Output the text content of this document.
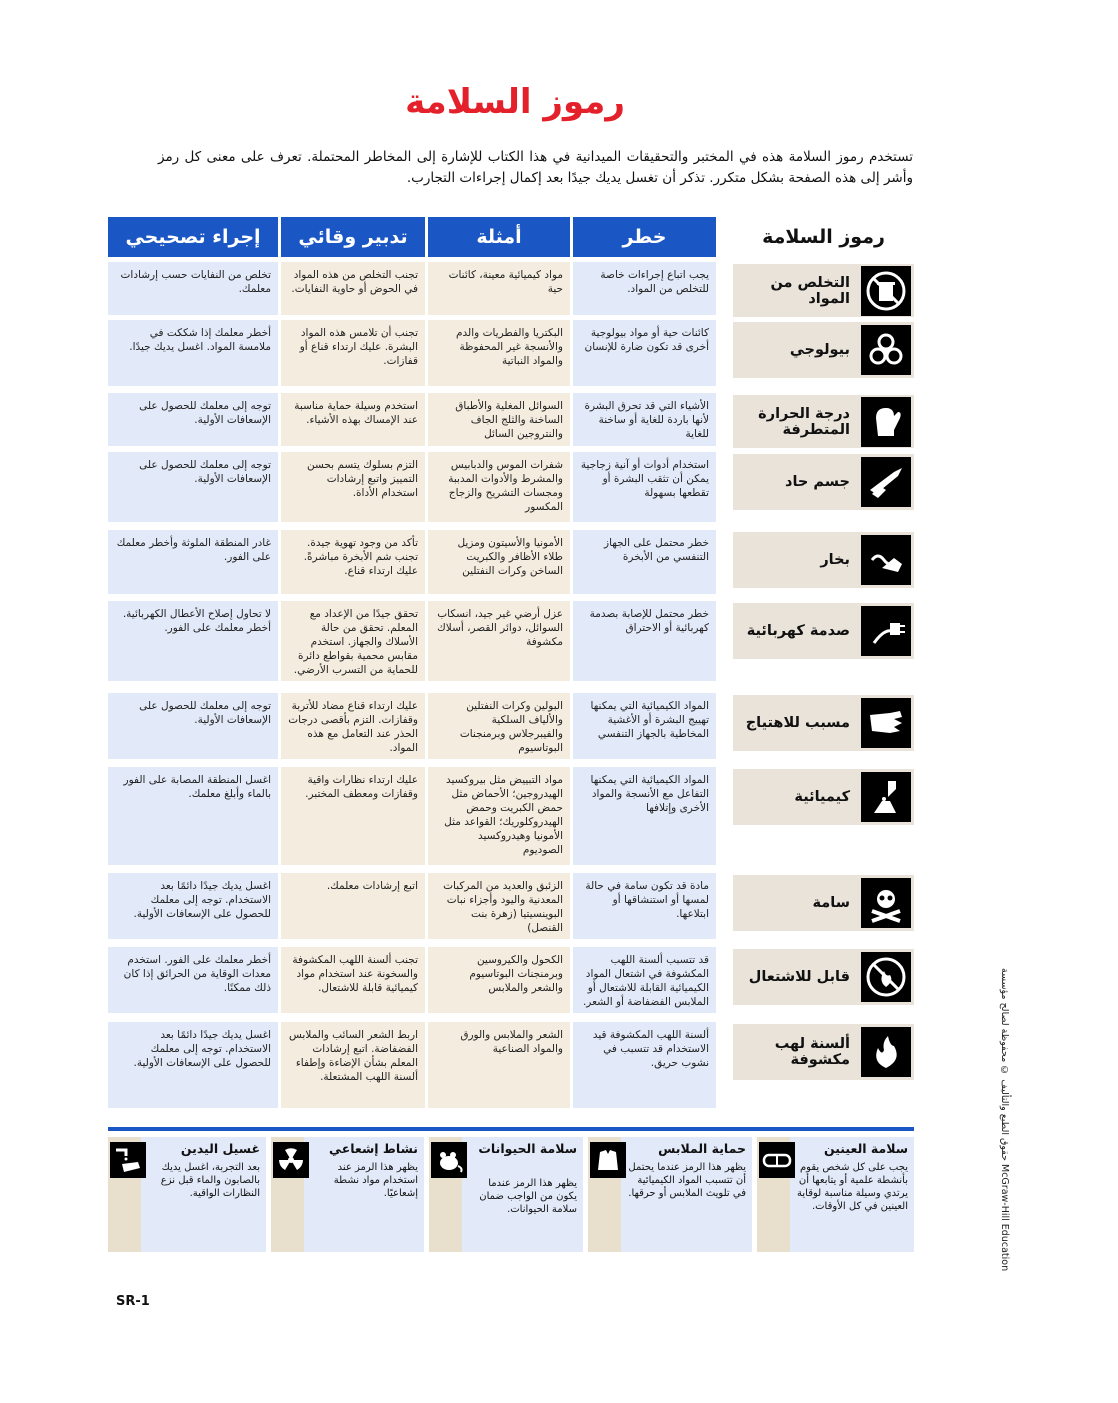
رموز السلامة
تستخدم رموز السلامة هذه في المختبر والتحقيقات الميدانية في هذا الكتاب للإشارة إلى المخاطر المحتملة. تعرف على معنى كل رمز وأشر إلى هذه الصفحة بشكل متكرر. تذكر أن تغسل يديك جيدًا بعد إكمال إجراءات التجارب.
رموز السلامة
خطر
أمثلة
تدبير وقائي
إجراء تصحيحي
التخلص من المواد
يجب اتباع إجراءات خاصة للتخلص من المواد.
مواد كيميائية معينة، كائنات حية
تجنب التخلص من هذه المواد في الحوض أو حاوية النفايات.
تخلص من النفايات حسب إرشادات معلمك.
بيولوجي
كائنات حية أو مواد بيولوجية أخرى قد تكون ضارة للإنسان
البكتريا والفطريات والدم والأنسجة غير المحفوظة والمواد النباتية
تجنب أن تلامس هذه المواد البشرة. عليك ارتداء قناع أو قفازات.
أخطر معلمك إذا شككت في ملامسة المواد. اغسل يديك جيدًا.
درجة الحرارة المتطرفة
الأشياء التي قد تحرق البشرة لأنها باردة للغاية أو ساخنة للغاية
السوائل المغلية والأطباق الساخنة والثلج الجاف والنتروجين السائل
استخدم وسيلة حماية مناسبة عند الإمساك بهذه الأشياء.
توجه إلى معلمك للحصول على الإسعافات الأولية.
جسم حاد
استخدام أدوات أو آنية زجاجية يمكن أن تثقب البشرة أو تقطعها بسهولة
شفرات الموس والدبابيس والمشرط والأدوات المدببة ومجسات التشريح والزجاج المكسور
التزم بسلوك يتسم بحسن التمييز واتبع إرشادات استخدام الأداة.
توجه إلى معلمك للحصول على الإسعافات الأولية.
بخار
خطر محتمل على الجهاز التنفسي من الأبخرة
الأمونيا والأسيتون ومزيل طلاء الأظافر والكبريت الساخن وكرات النفتلين
تأكد من وجود تهوية جيدة. تجنب شم الأبخرة مباشرةً. عليك ارتداء قناع.
غادر المنطقة الملوثة وأخطر معلمك على الفور.
صدمة كهربائية
خطر محتمل للإصابة بصدمة كهربائية أو الاحتراق
عزل أرضي غير جيد، انسكاب السوائل، دوائر القصر، أسلاك مكشوفة
تحقق جيدًا من الإعداد مع المعلم. تحقق من حالة الأسلاك والجهاز. استخدم مقابس محمية بقواطع دائرة للحماية من التسرب الأرضي.
لا تحاول إصلاح الأعطال الكهربائية. أخطر معلمك على الفور.
مسبب للاهتياج
المواد الكيميائية التي يمكنها تهييج البشرة أو الأغشية المخاطية بالجهاز التنفسي
البولين وكرات النفتلين والألياف السلكية والفيبرجلاس وبرمنجنات البوتاسيوم
عليك ارتداء قناع مضاد للأتربة وقفازات. التزم بأقصى درجات الحذر عند التعامل مع هذه المواد.
توجه إلى معلمك للحصول على الإسعافات الأولية.
كيميائية
المواد الكيميائية التي يمكنها التفاعل مع الأنسجة والمواد الأخرى وإتلافها
مواد التبييض مثل بيروكسيد الهيدروجين؛ الأحماض مثل حمض الكبريت وحمض الهيدروكلوريك؛ القواعد مثل الأمونيا وهيدروكسيد الصوديوم
عليك ارتداء نظارات واقية وقفازات ومعطف المختبر.
اغسل المنطقة المصابة على الفور بالماء وأبلغ معلمك.
سامة
مادة قد تكون سامة في حالة لمسها أو استنشاقها أو ابتلاعها.
الزئبق والعديد من المركبات المعدنية واليود وأجزاء نبات البوينسيتيا (زهرة بنت القنصل)
اتبع إرشادات معلمك.
اغسل يديك جيدًا دائمًا بعد الاستخدام. توجه إلى معلمك للحصول على الإسعافات الأولية.
قابل للاشتعال
قد تتسبب ألسنة اللهب المكشوفة في اشتعال المواد الكيميائية القابلة للاشتعال أو الملابس الفضفاضة أو الشعر.
الكحول والكيروسين وبرمنجنات البوتاسيوم والشعر والملابس
تجنب ألسنة اللهب المكشوفة والسخونة عند استخدام مواد كيميائية قابلة للاشتعال.
أخطر معلمك على الفور. استخدم معدات الوقاية من الحرائق إذا كان ذلك ممكنًا.
ألسنة لهب مكشوفة
ألسنة اللهب المكشوفة قيد الاستخدام قد تتسبب في نشوب حريق.
الشعر والملابس والورق والمواد الصناعية
اربط الشعر السائب والملابس الفضفاضة. اتبع إرشادات المعلم بشأن الإضاءة وإطفاء ألسنة اللهب المشتعلة.
اغسل يديك جيدًا دائمًا بعد الاستخدام. توجه إلى معلمك للحصول على الإسعافات الأولية.
سلامة العينين
يجب على كل شخص يقوم بأنشطة علمية أو يتابعها أن يرتدي وسيلة مناسبة لوقاية العينين في كل الأوقات.
حماية الملابس
يظهر هذا الرمز عندما يحتمل أن تتسبب المواد الكيميائية في تلويث الملابس أو حرقها.
سلامة الحيوانات
يظهر هذا الرمز عندما يكون من الواجب ضمان سلامة الحيوانات.
نشاط إشعاعي
يظهر هذا الرمز عند استخدام مواد نشطة إشعاعيًا.
غسيل اليدين
بعد التجربة، اغسل يديك بالصابون والماء قبل نزع النظارات الواقية.
SR-1
حقوق الطبع والتأليف © محفوظة لصالح مؤسسة McGraw-Hill Education
